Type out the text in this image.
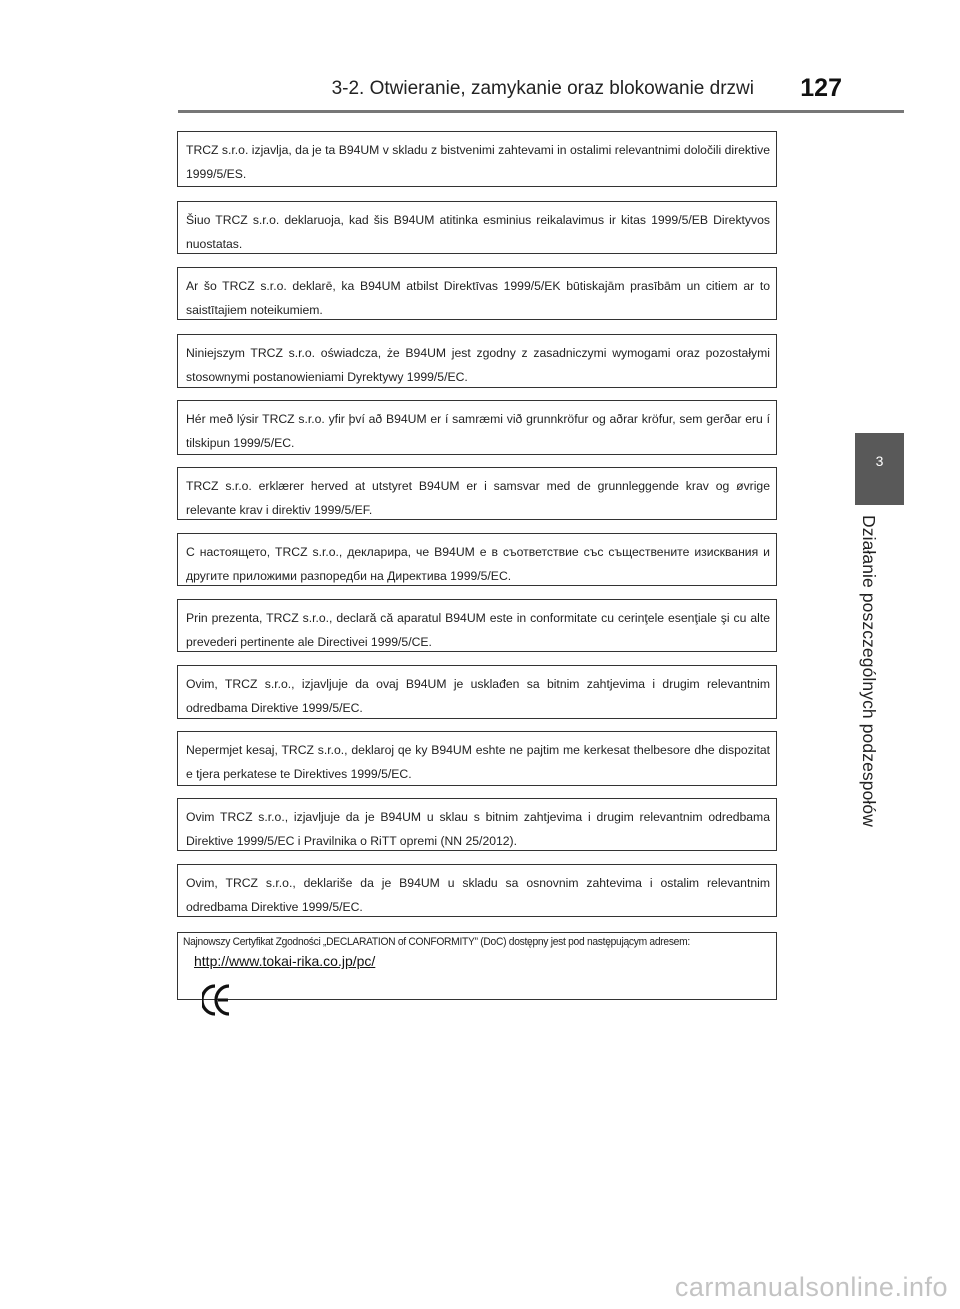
3-2. Otwieranie, zamykanie oraz blokowanie drzwi 127
3
Działanie poszczególnych podzespołów
TRCZ s.r.o. izjavlja, da je ta B94UM v skladu z bistvenimi zahtevami in ostalimi relevantnimi določili direktive 1999/5/ES.
Šiuo TRCZ s.r.o. deklaruoja, kad šis B94UM atitinka esminius reikalavimus ir kitas 1999/5/EB Direktyvos nuostatas.
Ar šo TRCZ s.r.o. deklarē, ka B94UM atbilst Direktīvas 1999/5/EK būtiskajām prasībām un citiem ar to saistītajiem noteikumiem.
Niniejszym TRCZ s.r.o. oświadcza, że B94UM jest zgodny z zasadniczymi wymogami oraz pozostałymi stosownymi postanowieniami Dyrektywy 1999/5/EC.
Hér með lýsir TRCZ s.r.o. yfir því að B94UM er í samræmi við grunnkröfur og aðrar kröfur, sem gerðar eru í tilskipun 1999/5/EC.
TRCZ s.r.o. erklærer herved at utstyret B94UM er i samsvar med de grunnleggende krav og øvrige relevante krav i direktiv 1999/5/EF.
С настоящето, TRCZ s.r.o., декларира, че B94UM е в съответствие със съществените изисквания и другите приложими разпоредби на Директива 1999/5/ЕС.
Prin prezenta, TRCZ s.r.o., declară că aparatul B94UM este in conformitate cu cerinţele esenţiale şi cu alte prevederi pertinente ale Directivei 1999/5/CE.
Ovim, TRCZ s.r.o., izjavljuje da ovaj B94UM je usklađen sa bitnim zahtjevima i drugim relevantnim odredbama Direktive 1999/5/EC.
Nepermjet kesaj, TRCZ s.r.o., deklaroj qe ky B94UM eshte ne pajtim me kerkesat thelbesore dhe dispozitat e tjera perkatese te Direktives 1999/5/EC.
Ovim TRCZ s.r.o., izjavljuje da je B94UM u sklau s bitnim zahtjevima i drugim relevantnim odredbama Direktive 1999/5/EC i Pravilnika o RiTT opremi (NN 25/2012).
Ovim, TRCZ s.r.o., deklariše da je B94UM u skladu sa osnovnim zahtevima i ostalim relevantnim odredbama Direktive 1999/5/EC.
Najnowszy Certyfikat Zgodności „DECLARATION of CONFORMITY” (DoC) dostępny jest pod następującym adresem:
http://www.tokai-rika.co.jp/pc/
carmanualsonline.info
